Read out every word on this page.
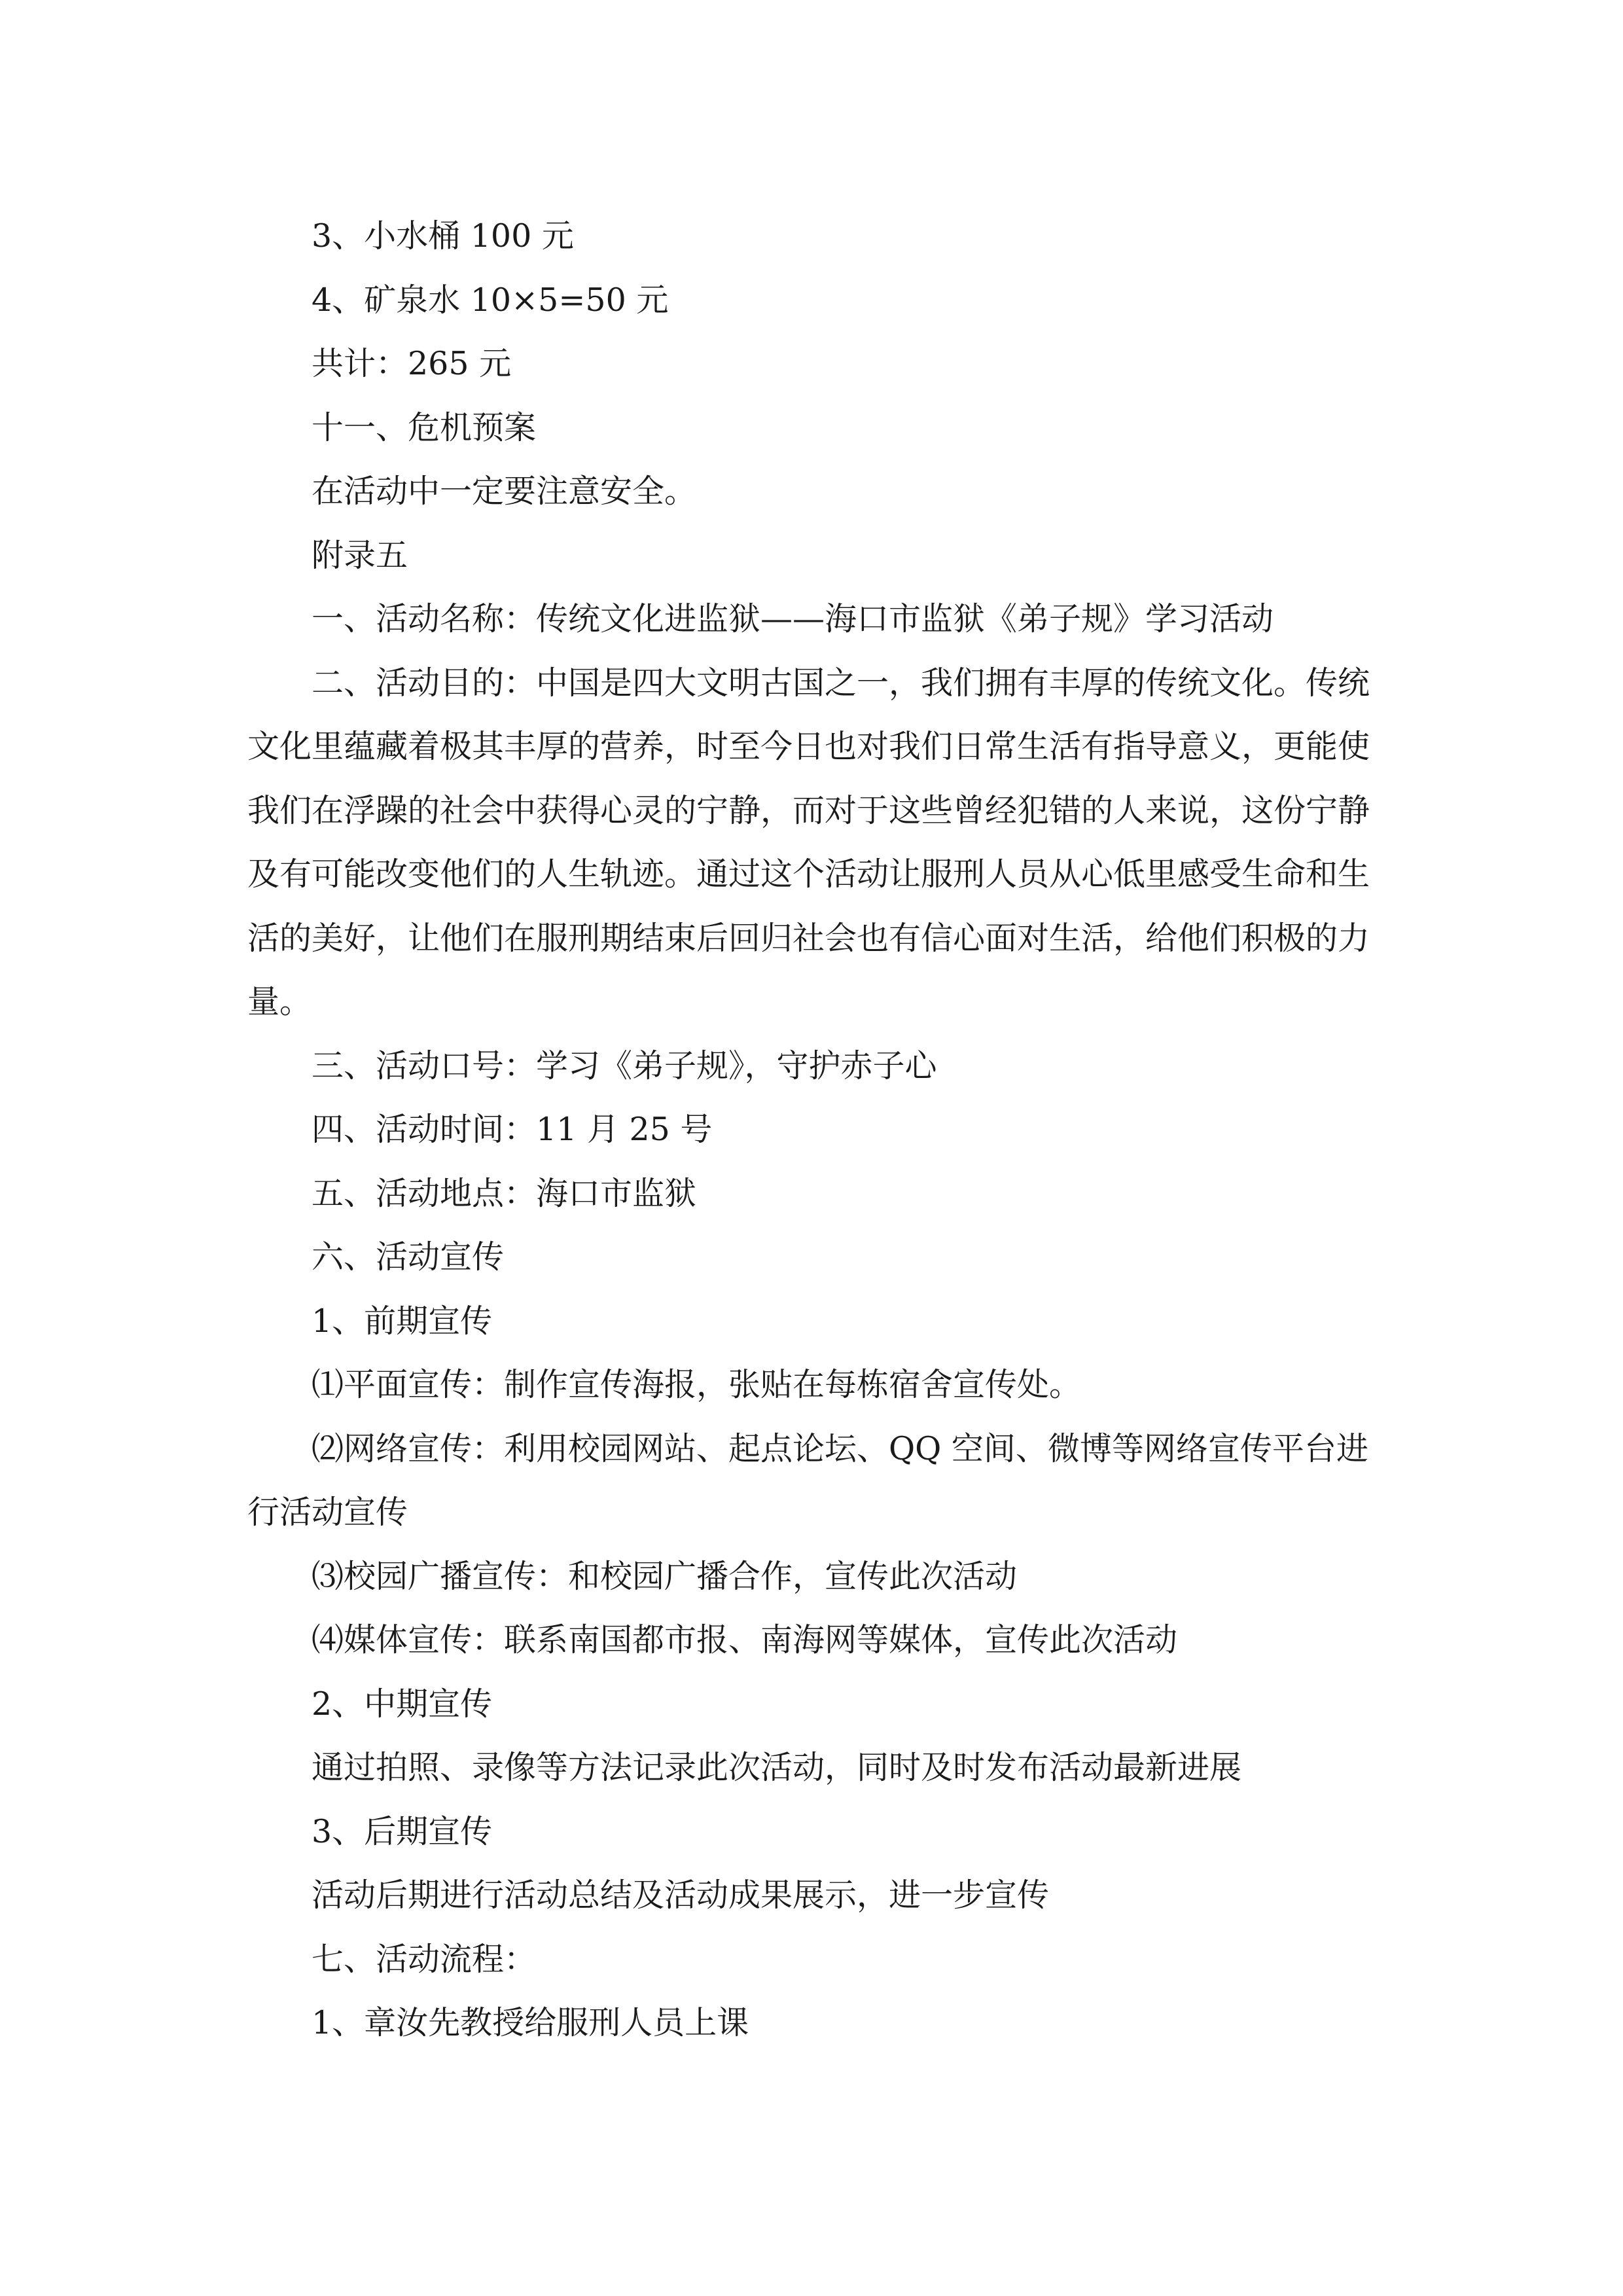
3、小水桶 100 元

4、矿泉水 10×5=50 元

共计：265 元

十一、危机预案

在活动中一定要注意安全。

附录五

一、活动名称：传统文化进监狱——海口市监狱《弟子规》学习活动

二、活动目的：中国是四大文明古国之一，我们拥有丰厚的传统文化。传统文化里蕴藏着极其丰厚的营养，时至今日也对我们日常生活有指导意义，更能使我们在浮躁的社会中获得心灵的宁静，而对于这些曾经犯错的人来说，这份宁静及有可能改变他们的人生轨迹。通过这个活动让服刑人员从心低里感受生命和生活的美好，让他们在服刑期结束后回归社会也有信心面对生活，给他们积极的力量。

三、活动口号：学习《弟子规》，守护赤子心

四、活动时间：11 月 25 号

五、活动地点：海口市监狱

六、活动宣传

1、前期宣传

⑴平面宣传：制作宣传海报，张贴在每栋宿舍宣传处。

⑵网络宣传：利用校园网站、起点论坛、QQ 空间、微博等网络宣传平台进行活动宣传

⑶校园广播宣传：和校园广播合作，宣传此次活动

⑷媒体宣传：联系南国都市报、南海网等媒体，宣传此次活动

2、中期宣传

通过拍照、录像等方法记录此次活动，同时及时发布活动最新进展

3、后期宣传

活动后期进行活动总结及活动成果展示，进一步宣传

七、活动流程：

1、章汝先教授给服刑人员上课
